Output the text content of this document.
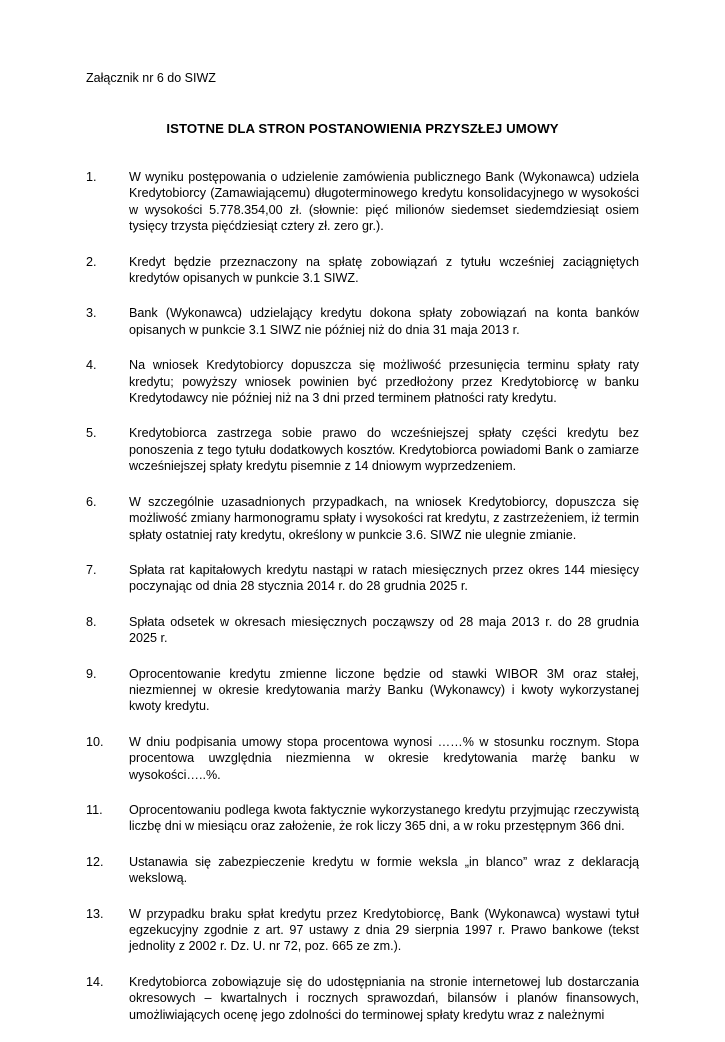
Załącznik nr 6 do SIWZ
ISTOTNE DLA STRON POSTANOWIENIA PRZYSZŁEJ UMOWY
1.	W wyniku postępowania o udzielenie zamówienia publicznego Bank (Wykonawca) udziela Kredytobiorcy (Zamawiającemu) długoterminowego kredytu konsolidacyjnego w wysokości w wysokości 5.778.354,00 zł. (słownie: pięć milionów siedemset siedemdziesiąt osiem tysięcy trzysta pięćdziesiąt cztery zł. zero gr.).
2.	Kredyt będzie przeznaczony na spłatę zobowiązań z tytułu wcześniej zaciągniętych kredytów opisanych w punkcie 3.1 SIWZ.
3.	Bank (Wykonawca) udzielający kredytu dokona spłaty zobowiązań na konta banków opisanych w punkcie 3.1 SIWZ nie później niż do dnia 31 maja 2013 r.
4.	Na wniosek Kredytobiorcy dopuszcza się możliwość przesunięcia terminu spłaty raty kredytu; powyższy wniosek powinien być przedłożony przez Kredytobiorcę w banku Kredytodawcy nie później niż na 3 dni przed terminem płatności raty kredytu.
5.	Kredytobiorca zastrzega sobie prawo do wcześniejszej spłaty części kredytu bez ponoszenia z tego tytułu dodatkowych kosztów. Kredytobiorca powiadomi Bank o zamiarze wcześniejszej spłaty kredytu pisemnie z 14 dniowym wyprzedzeniem.
6.	W szczególnie uzasadnionych przypadkach, na wniosek Kredytobiorcy, dopuszcza się możliwość zmiany harmonogramu spłaty i wysokości rat kredytu, z zastrzeżeniem, iż termin spłaty ostatniej raty kredytu, określony w punkcie 3.6. SIWZ nie ulegnie zmianie.
7.	Spłata rat kapitałowych kredytu nastąpi w ratach miesięcznych przez okres 144 miesięcy poczynając od dnia 28 stycznia 2014 r. do 28 grudnia 2025 r.
8.	Spłata odsetek w okresach miesięcznych począwszy od 28 maja 2013 r. do 28 grudnia 2025 r.
9.	Oprocentowanie kredytu zmienne liczone będzie od stawki WIBOR 3M oraz stałej, niezmiennej w okresie kredytowania marży Banku (Wykonawcy) i kwoty wykorzystanej kwoty kredytu.
10.	W dniu podpisania umowy stopa procentowa wynosi ……% w stosunku rocznym. Stopa procentowa uwzględnia niezmienna w okresie kredytowania marżę banku w wysokości…..%.
11.	Oprocentowaniu podlega kwota faktycznie wykorzystanego kredytu przyjmując rzeczywistą liczbę dni w miesiącu oraz założenie, że rok liczy 365 dni, a w roku przestępnym 366 dni.
12.	Ustanawia się zabezpieczenie kredytu w formie weksla „in blanco” wraz z deklaracją wekslową.
13.	W przypadku braku spłat kredytu przez Kredytobiorcę, Bank (Wykonawca) wystawi tytuł egzekucyjny zgodnie z art. 97 ustawy z dnia 29 sierpnia 1997 r. Prawo bankowe (tekst jednolity z 2002 r. Dz. U. nr 72, poz. 665 ze zm.).
14.	Kredytobiorca zobowiązuje się do udostępniania na stronie internetowej lub dostarczania okresowych – kwartalnych i rocznych sprawozdań, bilansów i planów finansowych, umożliwiających ocenę jego zdolności do terminowej spłaty kredytu wraz z należnymi
